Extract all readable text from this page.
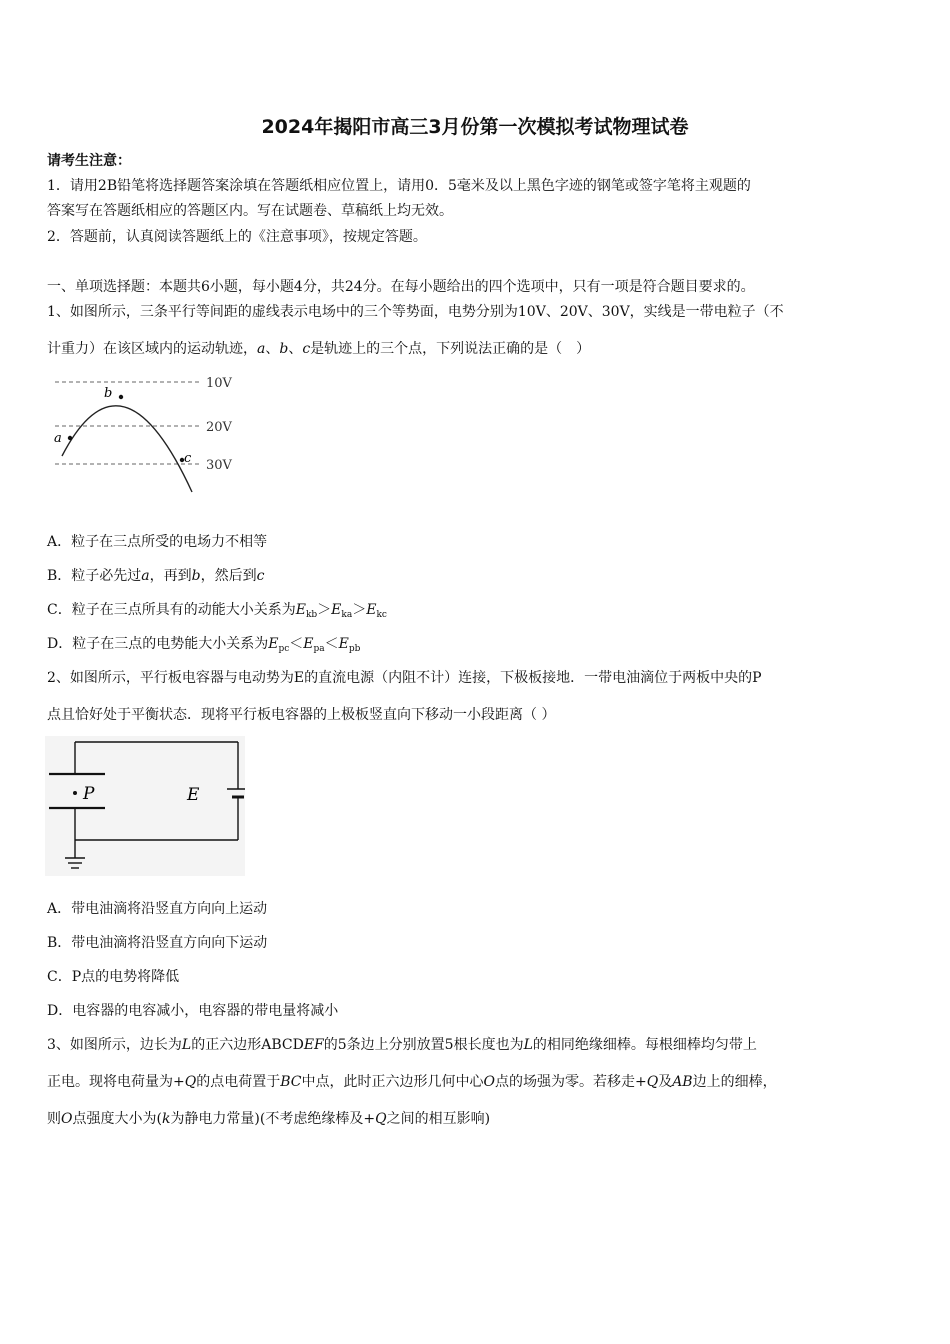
2024年揭阳市高三3月份第一次模拟考试物理试卷
请考生注意：
1．请用2B铅笔将选择题答案涂填在答题纸相应位置上，请用0．5毫米及以上黑色字迹的钢笔或签字笔将主观题的
答案写在答题纸相应的答题区内。写在试题卷、草稿纸上均无效。
2．答题前，认真阅读答题纸上的《注意事项》，按规定答题。
一、单项选择题：本题共6小题，每小题4分，共24分。在每小题给出的四个选项中，只有一项是符合题目要求的。
1、如图所示，三条平行等间距的虚线表示电场中的三个等势面，电势分别为10V、20V、30V，实线是一带电粒子（不
计重力）在该区域内的运动轨迹，a、b、c是轨迹上的三个点，下列说法正确的是（　）
a
b
c
10V
20V
30V
A．粒子在三点所受的电场力不相等
B．粒子必先过a，再到b，然后到c
C．粒子在三点所具有的动能大小关系为$E_{kb}>E_{ka}>E_{kc}$
D．粒子在三点的电势能大小关系为$E_{pc}<E_{pa}<E_{pb}$
2、如图所示，平行板电容器与电动势为E的直流电源（内阻不计）连接，下极板接地．一带电油滴位于两板中央的P
点且恰好处于平衡状态．现将平行板电容器的上极板竖直向下移动一小段距离（ ）
P	E
A．带电油滴将沿竖直方向向上运动
B．带电油滴将沿竖直方向向下运动
C．P点的电势将降低
D．电容器的电容减小，电容器的带电量将减小
3、如图所示，边长为L的正六边形ABCDEF的5条边上分别放置5根长度也为L的相同绝缘细棒。每根细棒均匀带上
正电。现将电荷量为+Q的点电荷置于BC中点，此时正六边形几何中心O点的场强为零。若移走+Q及AB边上的细棒，
则O点强度大小为(k为静电力常量)(不考虑绝缘棒及+Q之间的相互影响)
